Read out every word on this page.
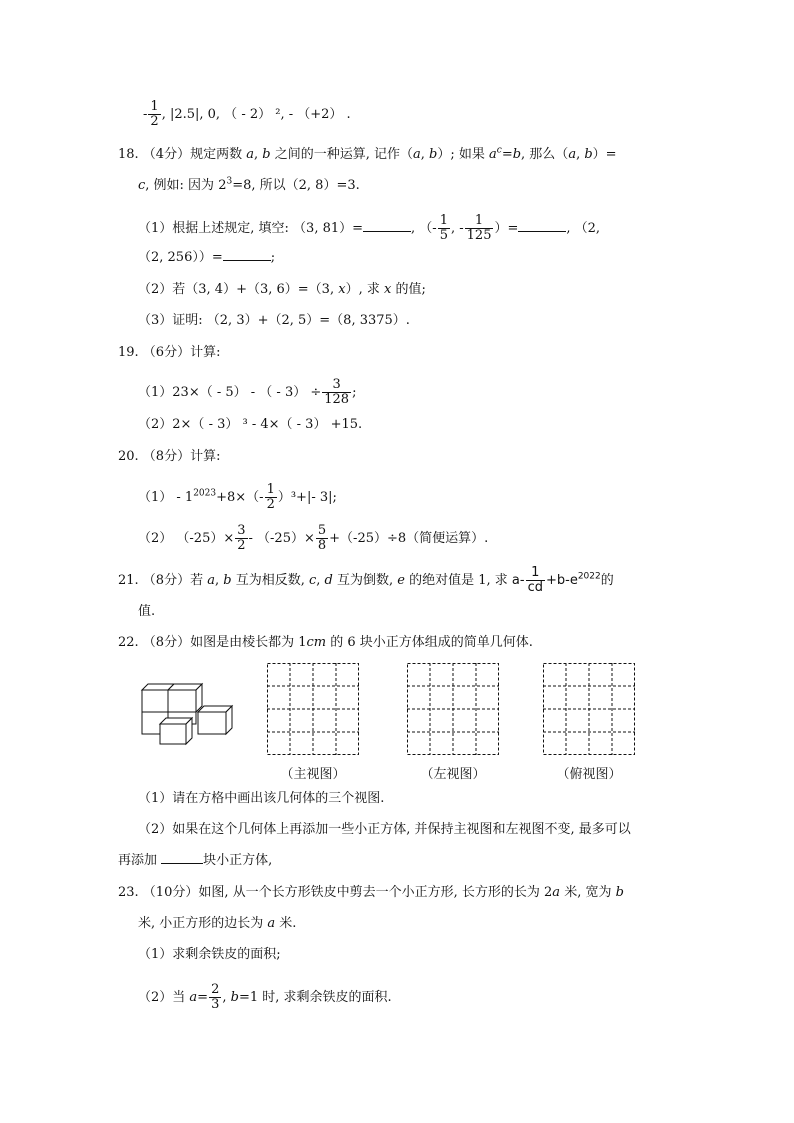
- $\frac{1}{2}$ , |2.5|, 0, （ - 2） ², - （+2） .
18. （4分）规定两数 a, b 之间的一种运算, 记作（a, b）; 如果 $a^c=b$, 那么（a, b）=
c, 例如: 因为 $2^3=8$, 所以（2, 8）=3.
（1）根据上述规定, 填空: （3, 81）=	, （- $\frac{1}{5}$ , - $\frac{1}{125}$ ）=	, （2,
（2, 256））=	;
（2）若（3, 4）+（3, 6）=（3, x）, 求 x 的值;
（3）证明: （2, 3）+（2, 5）=（8, 3375）.
19. （6分）计算:
（1）23×（ - 5） - （ - $3) \div \frac{3}{128}$ ;
（2）2×（ - 3） ³ - 4×（ - 3） +15.
20. （8分）计算:
$(1) - 1^{2023}+8\times(- \frac{1}{2} )^3+|-$ 3|;
（2） $(-25)\times \frac{3}{2} - (-25)\times \frac{5}{8} +(-25)\div 8$（简便运算）.
21. （8分）若 a, b 互为相反数, c, d 互为倒数, e 的绝对值是 1, 求 $a- \frac{1}{cd} +b-e^{2022}$的
值.
22. （8分）如图是由棱长都为 1cm 的 6 块小正方体组成的简单几何体.
（主视图）	（左视图）	（俯视图）
（1）请在方格中画出该几何体的三个视图.
（2）如果在这个几何体上再添加一些小正方体, 并保持主视图和左视图不变, 最多可以
再添加	块小正方体,
23. （10分）如图, 从一个长方形铁皮中剪去一个小正方形, 长方形的长为 2a 米, 宽为 b
米, 小正方形的边长为 a 米.
（1）求剩余铁皮的面积;
（2）当 $a= \frac{2}{3}$ , b=1 时, 求剩余铁皮的面积.
